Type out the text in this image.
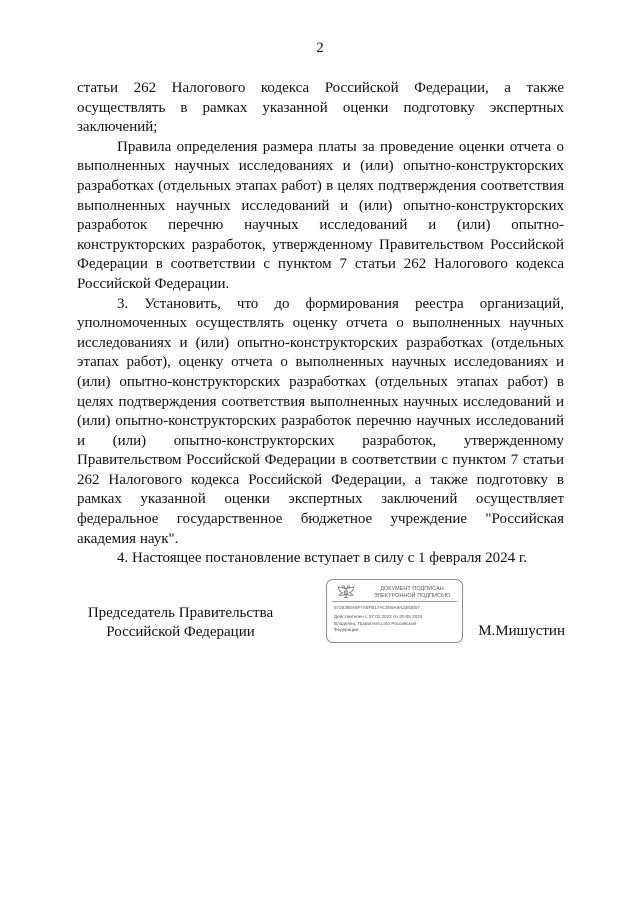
2

статьи 262 Налогового кодекса Российской Федерации, а также осуществлять в рамках указанной оценки подготовку экспертных заключений;

Правила определения размера платы за проведение оценки отчета о выполненных научных исследованиях и (или) опытно-конструкторских разработках (отдельных этапах работ) в целях подтверждения соответствия выполненных научных исследований и (или) опытно-конструкторских разработок перечню научных исследований и (или) опытно-конструкторских разработок, утвержденному Правительством Российской Федерации в соответствии с пунктом 7 статьи 262 Налогового кодекса Российской Федерации.

3. Установить, что до формирования реестра организаций, уполномоченных осуществлять оценку отчета о выполненных научных исследованиях и (или) опытно-конструкторских разработках (отдельных этапах работ), оценку отчета о выполненных научных исследованиях и (или) опытно-конструкторских разработках (отдельных этапах работ) в целях подтверждения соответствия выполненных научных исследований и (или) опытно-конструкторских разработок перечню научных исследований и (или) опытно-конструкторских разработок, утвержденному Правительством Российской Федерации в соответствии с пунктом 7 статьи 262 Налогового кодекса Российской Федерации, а также подготовку в рамках указанной оценки экспертных заключений осуществляет федеральное государственное бюджетное учреждение "Российская академия наук".

4. Настоящее постановление вступает в силу с 1 февраля 2024 г.

Председатель Правительства
Российской Федерации	М.Мишустин
ДОКУМЕНТ ПОДПИСАН
ЭЛЕКТРОННОЙ ПОДПИСЬЮ
5725365A6F7A5FB17AC009A9A2393057
Действителен с 07.02.2023 по 30.05.2024
Владелец: Правительство Российской
Федерации
